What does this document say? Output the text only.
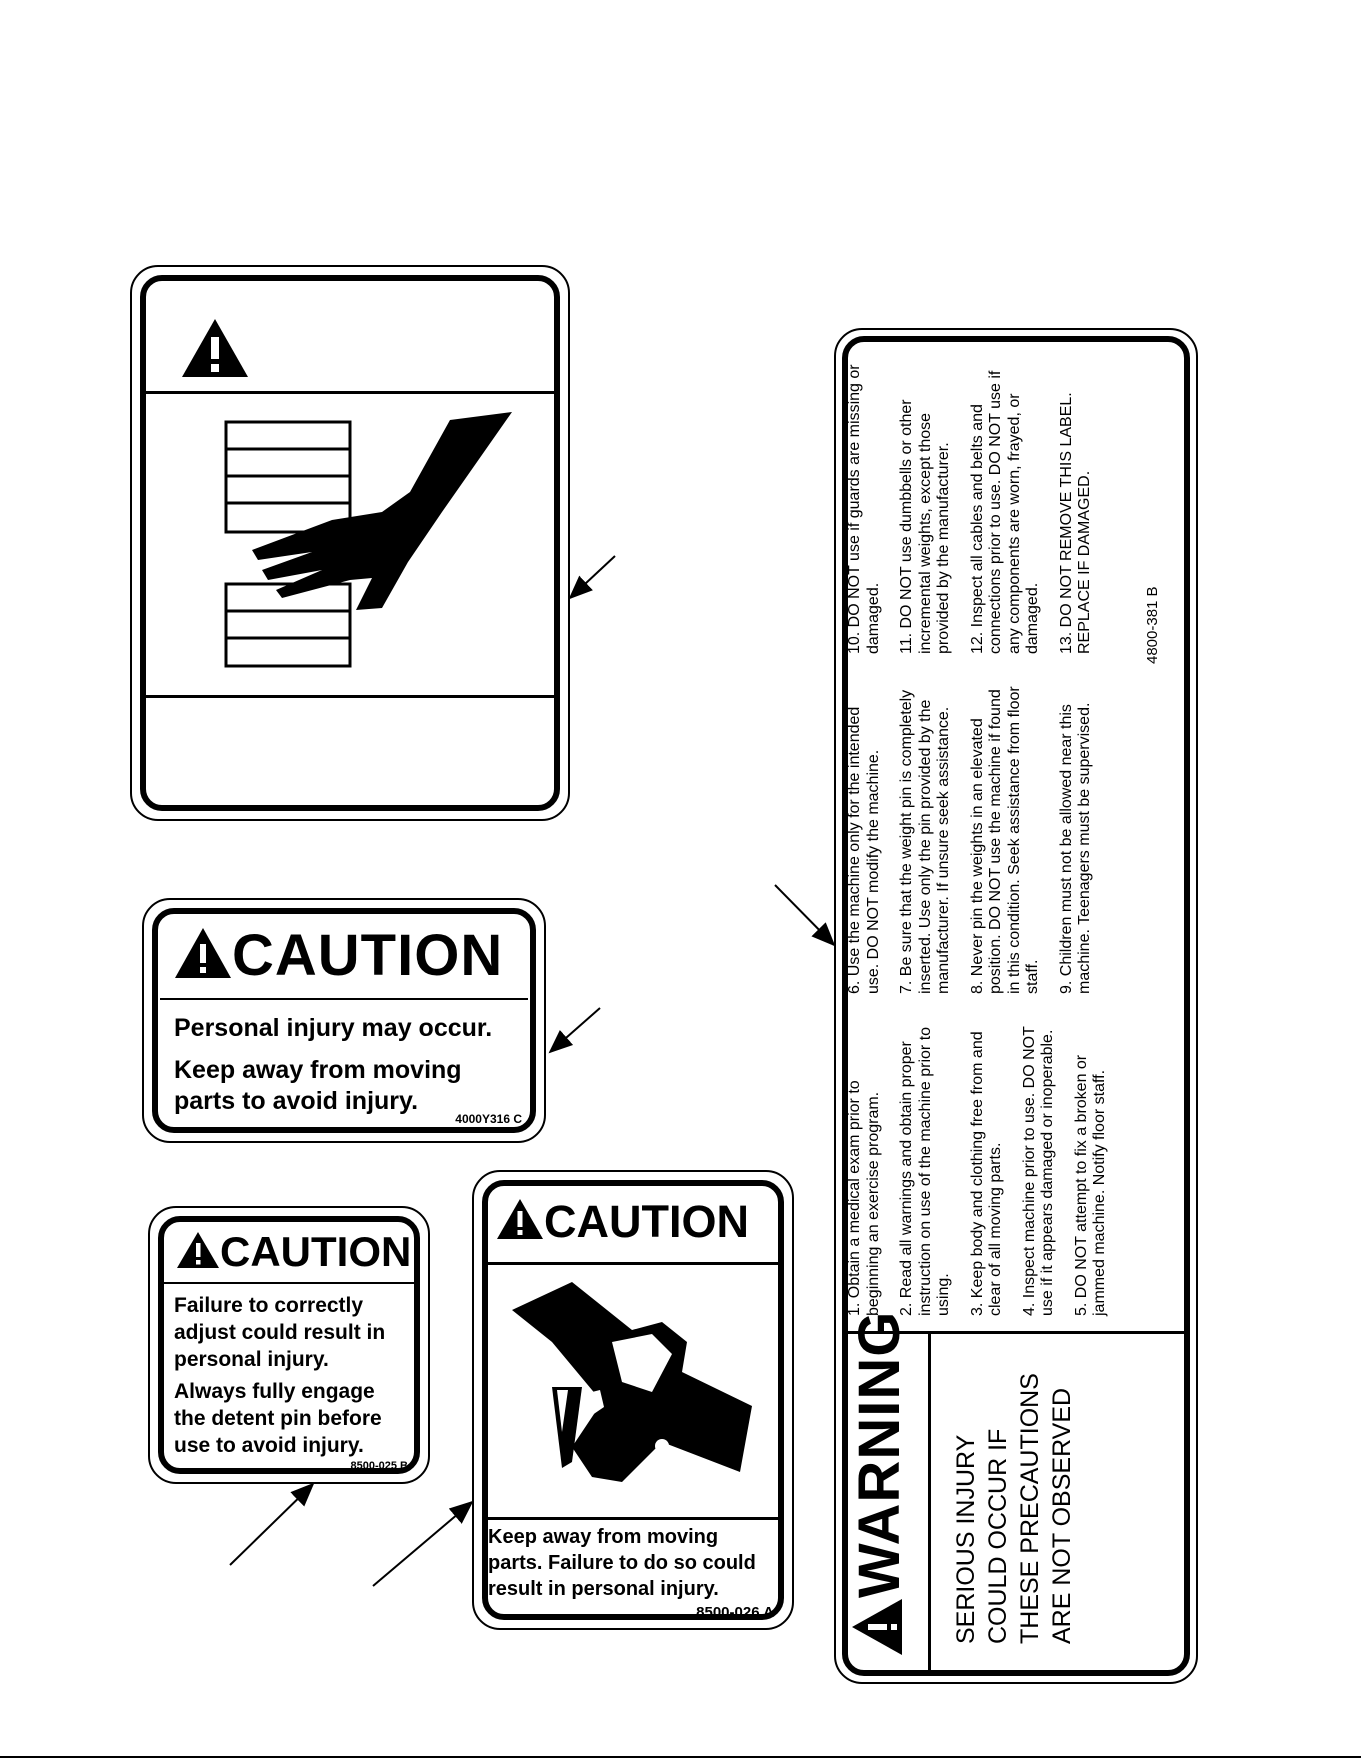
CAUTION
Personal injury may occur.
Keep away from moving
parts to avoid injury.
4000Y316 C
CAUTION
Failure to correctly
adjust could result in
personal injury.
Always fully engage
the detent pin before
use to avoid injury.
8500-025 B
CAUTION
Keep away from moving
parts. Failure to do so could
result in personal injury.
8500-026 A
WARNING SERIOUS INJURY COULD OCCUR IF THESE PRECAUTIONS ARE NOT OBSERVED

1. Obtain a medical exam prior to beginning an exercise program. 2. Read all warnings and obtain proper instruction on use of the machine prior to using. 3. Keep body and clothing free from and clear of all moving parts. 4. Inspect machine prior to use. DO NOT use if it appears damaged or inoperable. 5. DO NOT attempt to fix a broken or jammed machine. Notify floor staff.

6. Use the machine only for the intended use. DO NOT modify the machine. 7. Be sure that the weight pin is completely inserted. Use only the pin provided by the manufacturer. If unsure seek assistance. 8. Never pin the weights in an elevated position. DO NOT use the machine if found in this condition. Seek assistance from floor staff. 9. Children must not be allowed near this machine. Teenagers must be supervised.

10. DO NOT use if guards are missing or damaged. 11. DO NOT use dumbbells or other incremental weights, except those provided by the manufacturer. 12. Inspect all cables and belts and connections prior to use. DO NOT use if any components are worn, frayed, or damaged. 13. DO NOT REMOVE THIS LABEL. REPLACE IF DAMAGED.	4800-381 B
